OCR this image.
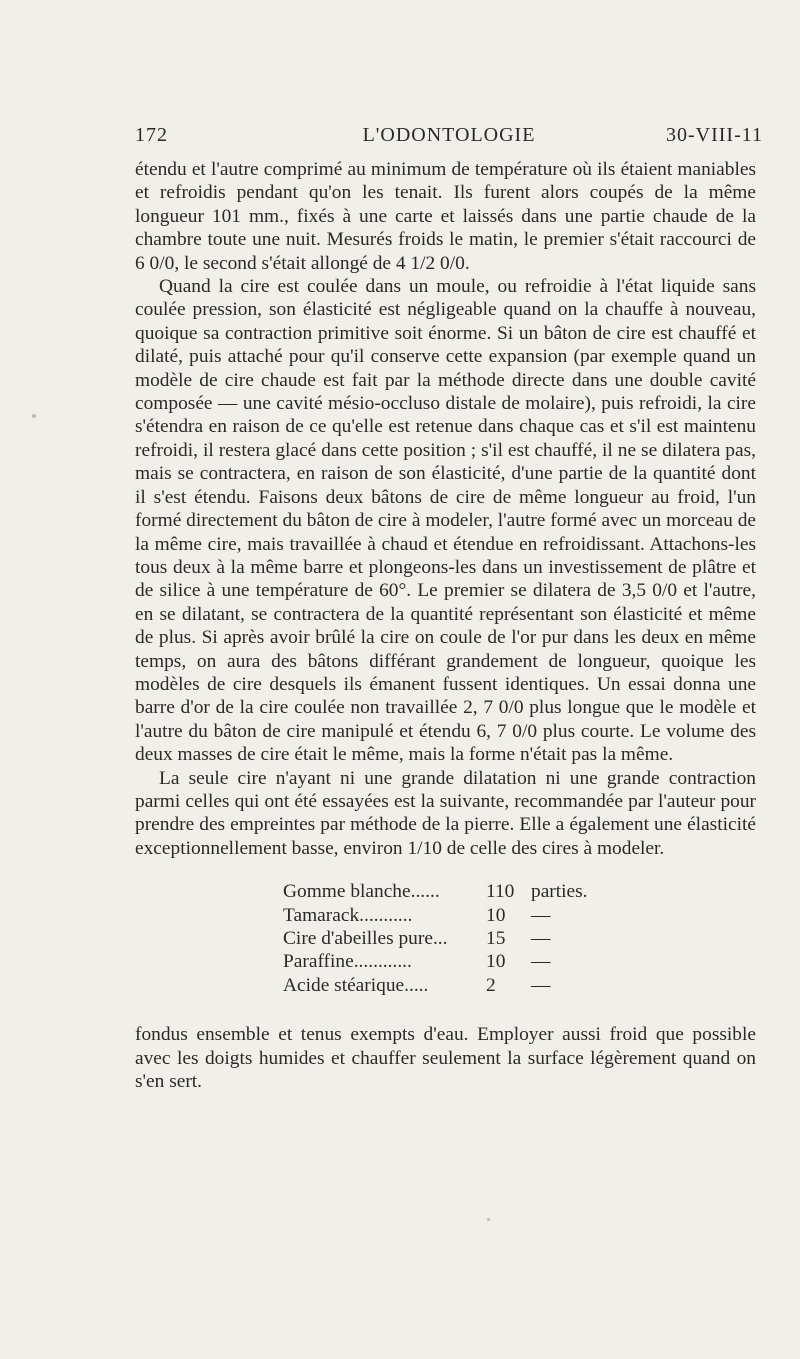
172	L'ODONTOLOGIE	30-VIII-11

étendu et l'autre comprimé au minimum de température où ils étaient maniables et refroidis pendant qu'on les tenait. Ils furent alors coupés de la même longueur 101 mm., fixés à une carte et laissés dans une partie chaude de la chambre toute une nuit. Mesurés froids le matin, le premier s'était raccourci de 6 0/0, le second s'était allongé de 4 1/2 0/0.

Quand la cire est coulée dans un moule, ou refroidie à l'état liquide sans coulée pression, son élasticité est négligeable quand on la chauffe à nouveau, quoique sa contraction primitive soit énorme. Si un bâton de cire est chauffé et dilaté, puis attaché pour qu'il conserve cette expansion (par exemple quand un modèle de cire chaude est fait par la méthode directe dans une double cavité composée — une cavité mésio-occluso distale de molaire), puis refroidi, la cire s'étendra en raison de ce qu'elle est retenue dans chaque cas et s'il est maintenu refroidi, il restera glacé dans cette position ; s'il est chauffé, il ne se dilatera pas, mais se contractera, en raison de son élasticité, d'une partie de la quantité dont il s'est étendu. Faisons deux bâtons de cire de même longueur au froid, l'un formé directement du bâton de cire à modeler, l'autre formé avec un morceau de la même cire, mais travaillée à chaud et étendue en refroidissant. Attachons-les tous deux à la même barre et plongeons-les dans un investissement de plâtre et de silice à une température de 60°. Le premier se dilatera de 3,5 0/0 et l'autre, en se dilatant, se contractera de la quantité représentant son élasticité et même de plus. Si après avoir brûlé la cire on coule de l'or pur dans les deux en même temps, on aura des bâtons différant grandement de longueur, quoique les modèles de cire desquels ils émanent fussent identiques. Un essai donna une barre d'or de la cire coulée non travaillée 2, 7 0/0 plus longue que le modèle et l'autre du bâton de cire manipulé et étendu 6, 7 0/0 plus courte. Le volume des deux masses de cire était le même, mais la forme n'était pas la même.

La seule cire n'ayant ni une grande dilatation ni une grande contraction parmi celles qui ont été essayées est la suivante, recommandée par l'auteur pour prendre des empreintes par méthode de la pierre. Elle a également une élasticité exceptionnellement basse, environ 1/10 de celle des cires à modeler.

Gomme blanche......	110	parties.
Tamarack...........	10	—
Cire d'abeilles pure...	15	—
Paraffine............	10	—
Acide stéarique.....	2	—

fondus ensemble et tenus exempts d'eau. Employer aussi froid que possible avec les doigts humides et chauffer seulement la surface légèrement quand on s'en sert.
